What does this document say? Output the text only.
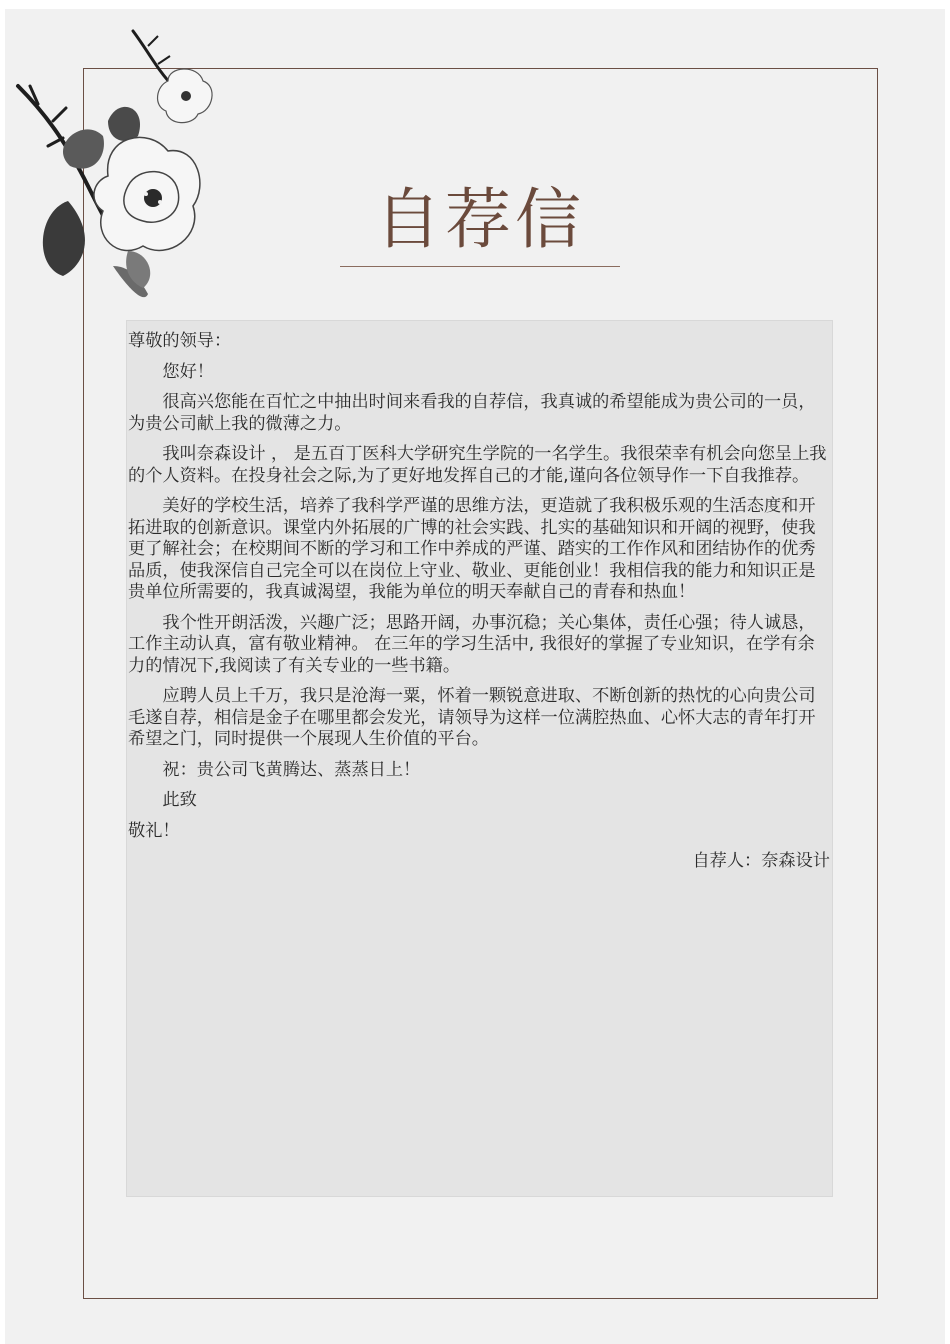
自荐信

尊敬的领导：

您好！

很高兴您能在百忙之中抽出时间来看我的自荐信，我真诚的希望能成为贵公司的一员，为贵公司献上我的微薄之力。

我叫奈森设计 ， 是五百丁医科大学研究生学院的一名学生。我很荣幸有机会向您呈上我的个人资料。在投身社会之际,为了更好地发挥自己的才能,谨向各位领导作一下自我推荐。

美好的学校生活，培养了我科学严谨的思维方法，更造就了我积极乐观的生活态度和开拓进取的创新意识。课堂内外拓展的广博的社会实践、扎实的基础知识和开阔的视野，使我更了解社会；在校期间不断的学习和工作中养成的严谨、踏实的工作作风和团结协作的优秀品质，使我深信自己完全可以在岗位上守业、敬业、更能创业！我相信我的能力和知识正是贵单位所需要的，我真诚渴望，我能为单位的明天奉献自己的青春和热血！

我个性开朗活泼，兴趣广泛；思路开阔，办事沉稳；关心集体，责任心强；待人诚恳，工作主动认真，富有敬业精神。 在三年的学习生活中, 我很好的掌握了专业知识，在学有余力的情况下,我阅读了有关专业的一些书籍。

应聘人员上千万，我只是沧海一粟，怀着一颗锐意进取、不断创新的热忱的心向贵公司毛遂自荐，相信是金子在哪里都会发光，请领导为这样一位满腔热血、心怀大志的青年打开希望之门，同时提供一个展现人生价值的平台。

祝：贵公司飞黄腾达、蒸蒸日上！

此致

敬礼！

自荐人：奈森设计
